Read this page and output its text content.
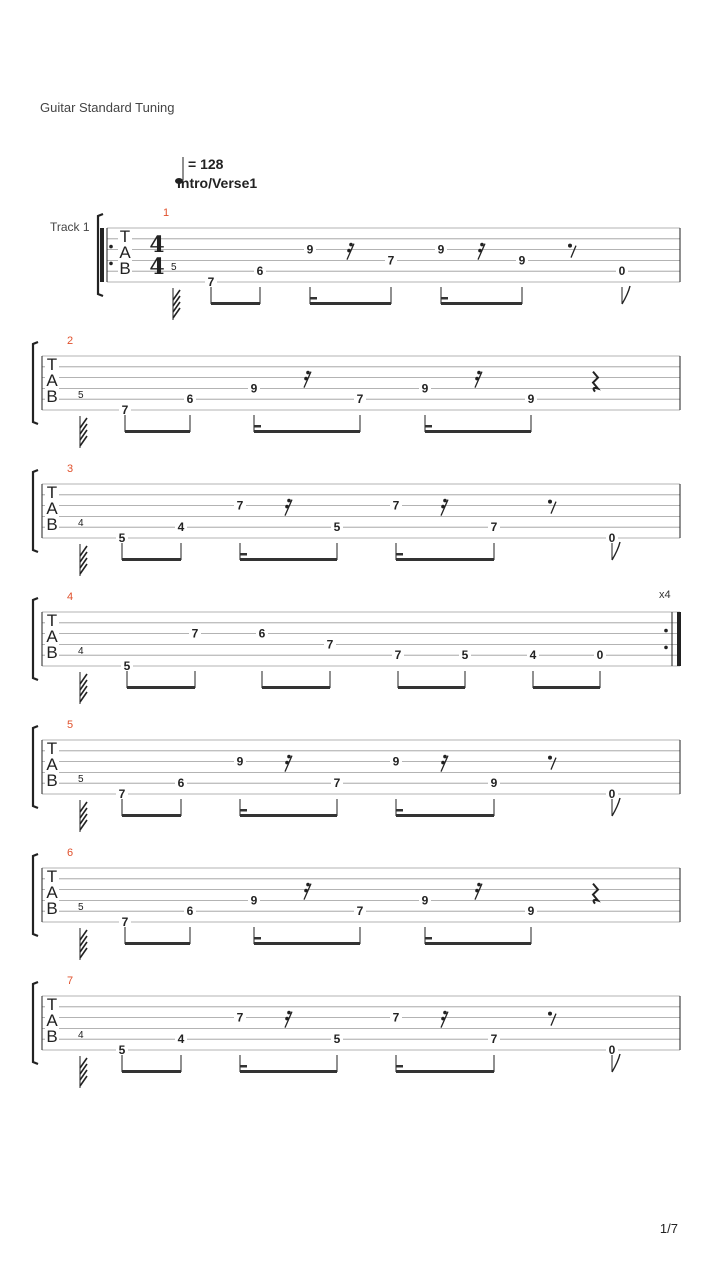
Guitar Standard Tuning
= 128
Intro/Verse1
Track 1 T
A
B
4
4
1
5
7
6
9
7
9
9
0
T
A
B
2
5
7
6
9
7
9
9
T
A
B
3
4
5
4
7
5
7
7
0
x4
T
A
B
4
4
5
7	6
7
7	5	4	0
T
A
B
5
5
7
6
9
7
9
9
0
T
A
B
6
5
7
6
9
7
9
9
T
A
B
7
4
5
4
7
5
7
7
0
1/7
